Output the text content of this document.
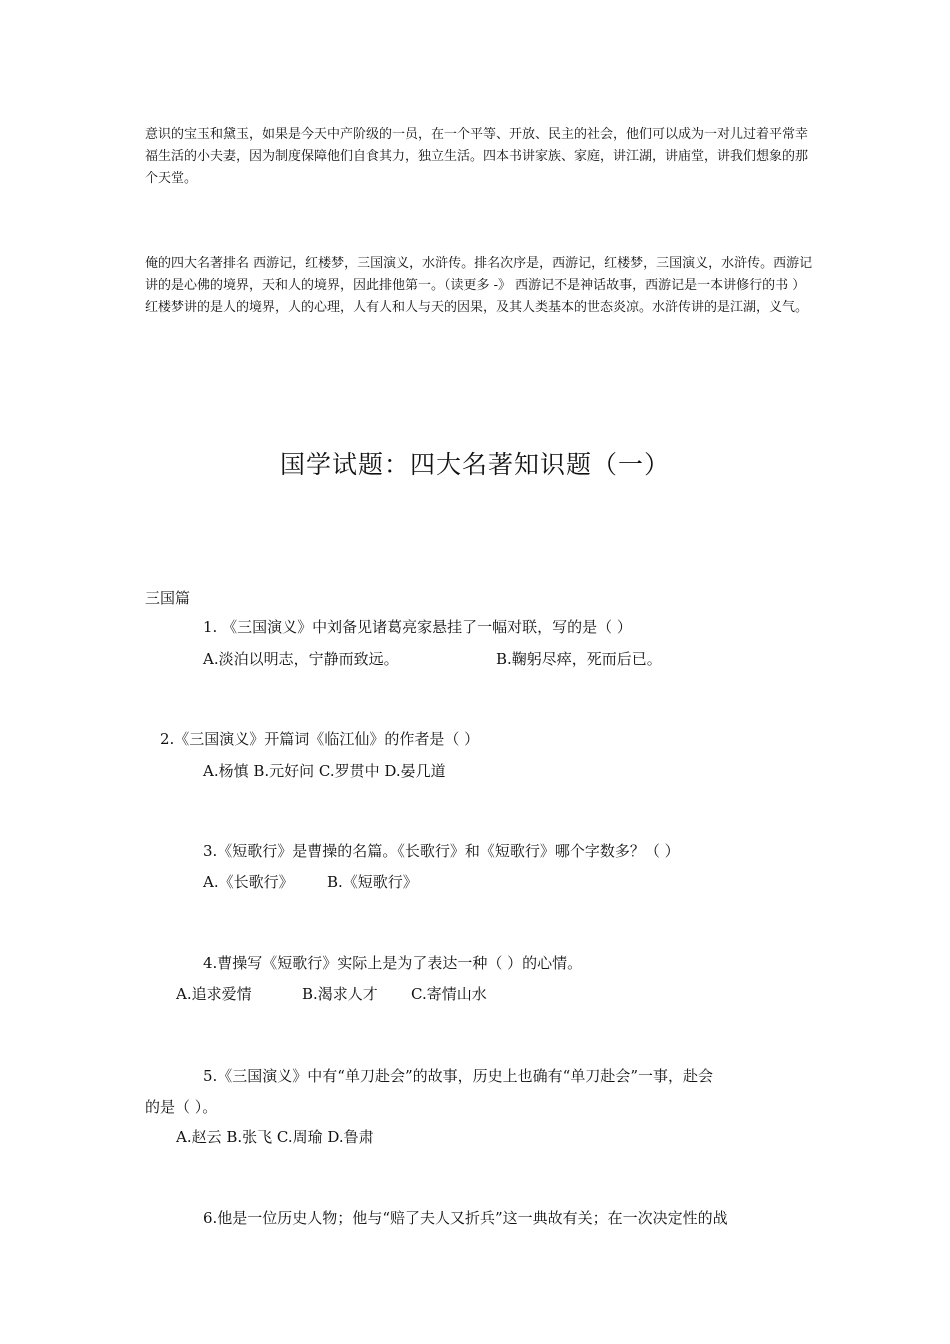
意识的宝玉和黛玉，如果是今天中产阶级的一员，在一个平等、开放、民主的社会，他们可以成为一对儿过着平常幸福生活的小夫妻，因为制度保障他们自食其力，独立生活。四本书讲家族、家庭，讲江湖，讲庙堂，讲我们想象的那个天堂。
俺的四大名著排名 西游记，红楼梦，三国演义，水浒传。排名次序是，西游记，红楼梦，三国演义，水浒传。西游记讲的是心佛的境界，天和人的境界，因此排他第一。（读更多 -》 西游记不是神话故事，西游记是一本讲修行的书 ）红楼梦讲的是人的境界，人的心理，人有人和人与天的因果，及其人类基本的世态炎凉。水浒传讲的是江湖，义气。
国学试题：四大名著知识题（一）
三国篇
1. 《三国演义》中刘备见诸葛亮家悬挂了一幅对联，写的是（ ）
A.淡泊以明志，宁静而致远。	B.鞠躬尽瘁，死而后已。
2.《三国演义》开篇词《临江仙》的作者是（ ）
A.杨慎 B.元好问 C.罗贯中 D.晏几道
3.《短歌行》是曹操的名篇。《长歌行》和《短歌行》哪个字数多？（ ）
A.《长歌行》 B.《短歌行》
4.曹操写《短歌行》实际上是为了表达一种（ ）的心情。
A.追求爱情	B.渴求人才 C.寄情山水
5.《三国演义》中有“单刀赴会”的故事，历史上也确有“单刀赴会”一事，赴会
的是（ ）。
A.赵云 B.张飞 C.周瑜 D.鲁肃
6.他是一位历史人物；他与“赔了夫人又折兵”这一典故有关；在一次决定性的战
